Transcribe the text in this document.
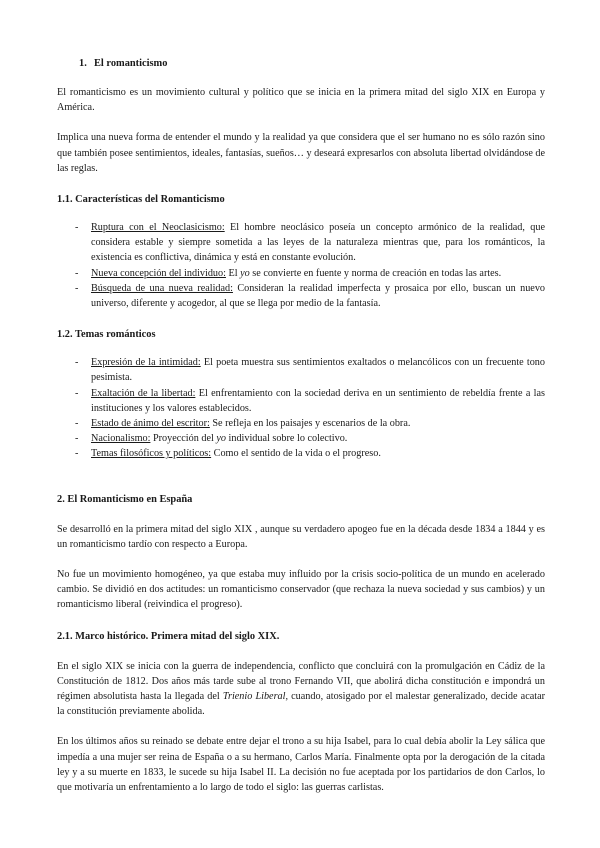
1. El romanticismo

El romanticismo es un movimiento cultural y político que se inicia en la primera mitad del siglo XIX en Europa y América.

Implica una nueva forma de entender el mundo y la realidad ya que considera que el ser humano no es sólo razón sino que también posee sentimientos, ideales, fantasías, sueños… y deseará expresarlos con absoluta libertad olvidándose de las reglas.

1.1. Características del Romanticismo
- Ruptura con el Neoclasicismo: El hombre neoclásico poseía un concepto armónico de la realidad, que considera estable y siempre sometida a las leyes de la naturaleza mientras que, para los románticos, la existencia es conflictiva, dinámica y está en constante evolución.
- Nueva concepción del individuo: El yo se convierte en fuente y norma de creación en todas las artes.
- Búsqueda de una nueva realidad: Consideran la realidad imperfecta y prosaica por ello, buscan un nuevo universo, diferente y acogedor, al que se llega por medio de la fantasía.
1.2. Temas románticos
- Expresión de la intimidad: El poeta muestra sus sentimientos exaltados o melancólicos con un frecuente tono pesimista.
- Exaltación de la libertad: El enfrentamiento con la sociedad deriva en un sentimiento de rebeldía frente a las instituciones y los valores establecidos.
- Estado de ánimo del escritor: Se refleja en los paisajes y escenarios de la obra.
- Nacionalismo: Proyección del yo individual sobre lo colectivo.
- Temas filosóficos y políticos: Como el sentido de la vida o el progreso.
2. El Romanticismo en España

Se desarrolló en la primera mitad del siglo XIX , aunque su verdadero apogeo fue en la década desde 1834 a 1844 y es un romanticismo tardío con respecto a Europa.

No fue un movimiento homogéneo, ya que estaba muy influido por la crisis socio-política de un mundo en acelerado cambio. Se dividió en dos actitudes: un romanticismo conservador (que rechaza la nueva sociedad y sus cambios) y un romanticismo liberal (reivindica el progreso).

2.1. Marco histórico. Primera mitad del siglo XIX.

En el siglo XIX se inicia con la guerra de independencia, conflicto que concluirá con la promulgación en Cádiz de la Constitución de 1812. Dos años más tarde sube al trono Fernando VII, que abolirá dicha constitución e impondrá un régimen absolutista hasta la llegada del Trienio Liberal, cuando, atosigado por el malestar generalizado, decide acatar la constitución previamente abolida.

En los últimos años su reinado se debate entre dejar el trono a su hija Isabel, para lo cual debía abolir la Ley sálica que impedía a una mujer ser reina de España o a su hermano, Carlos María. Finalmente opta por la derogación de la citada ley y a su muerte en 1833, le sucede su hija Isabel II. La decisión no fue aceptada por los partidarios de don Carlos, lo que motivaría un enfrentamiento a lo largo de todo el siglo: las guerras carlistas.
